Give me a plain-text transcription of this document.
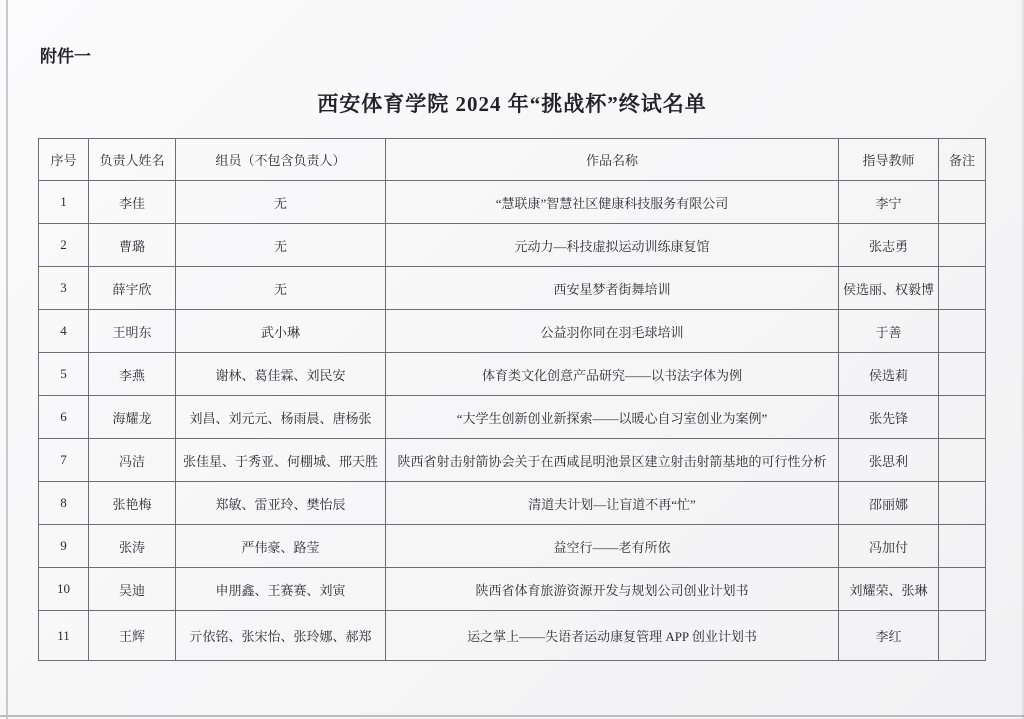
附件一
西安体育学院 2024 年“挑战杯”终试名单
序号	负责人姓名	组员（不包含负责人）	作品名称	指导教师	备注
1	李佳	无	“慧联康”智慧社区健康科技服务有限公司	李宁	
2	曹璐	无	元动力—科技虚拟运动训练康复馆	张志勇	
3	薛宇欣	无	西安星梦者街舞培训	侯选丽、权毅博	
4	王明东	武小琳	公益羽你同在羽毛球培训	于善	
5	李燕	谢林、葛佳霖、刘民安	体育类文化创意产品研究——以书法字体为例	侯选莉	
6	海耀龙	刘昌、刘元元、杨雨晨、唐杨张	“大学生创新创业新探索——以暖心自习室创业为案例”	张先锋	
7	冯洁	张佳星、于秀亚、何棚城、邢天胜	陕西省射击射箭协会关于在西咸昆明池景区建立射击射箭基地的可行性分析	张思利	
8	张艳梅	郑敏、雷亚玲、樊怡辰	清道夫计划—让盲道不再“忙”	邵丽娜	
9	张涛	严伟豪、路莹	益空行——老有所依	冯加付	
10	吴迪	申朋鑫、王赛赛、刘寅	陕西省体育旅游资源开发与规划公司创业计划书	刘耀荣、张琳	
11	王辉	亓依铭、张宋怡、张玲娜、郝郑	运之掌上——失语者运动康复管理 APP 创业计划书	李红	
